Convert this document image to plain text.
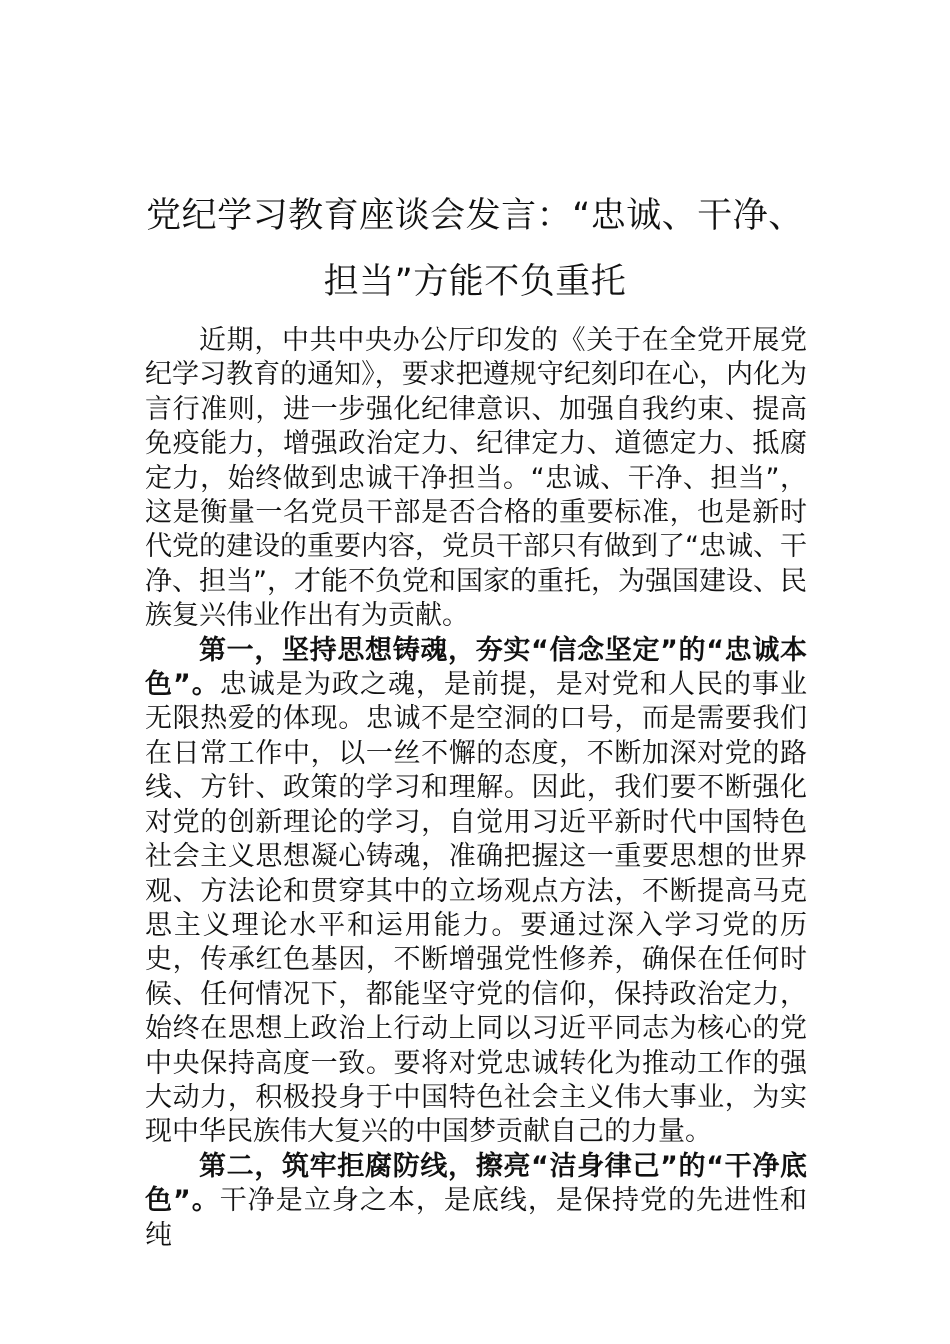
党纪学习教育座谈会发言：“忠诚、干净、
担当”方能不负重托

近期，中共中央办公厅印发的《关于在全党开展党纪学习教育的通知》，要求把遵规守纪刻印在心，内化为言行准则，进一步强化纪律意识、加强自我约束、提高免疫能力，增强政治定力、纪律定力、道德定力、抵腐定力，始终做到忠诚干净担当。“忠诚、干净、担当”，这是衡量一名党员干部是否合格的重要标准，也是新时代党的建设的重要内容，党员干部只有做到了“忠诚、干净、担当”，才能不负党和国家的重托，为强国建设、民族复兴伟业作出有为贡献。

第一，坚持思想铸魂，夯实“信念坚定”的“忠诚本色”。忠诚是为政之魂，是前提，是对党和人民的事业无限热爱的体现。忠诚不是空洞的口号，而是需要我们在日常工作中，以一丝不懈的态度，不断加深对党的路线、方针、政策的学习和理解。因此，我们要不断强化对党的创新理论的学习，自觉用习近平新时代中国特色社会主义思想凝心铸魂，准确把握这一重要思想的世界观、方法论和贯穿其中的立场观点方法，不断提高马克思主义理论水平和运用能力。要通过深入学习党的历史，传承红色基因，不断增强党性修养，确保在任何时候、任何情况下，都能坚守党的信仰，保持政治定力，始终在思想上政治上行动上同以习近平同志为核心的党中央保持高度一致。要将对党忠诚转化为推动工作的强大动力，积极投身于中国特色社会主义伟大事业，为实现中华民族伟大复兴的中国梦贡献自己的力量。

第二，筑牢拒腐防线，擦亮“洁身律己”的“干净底色”。干净是立身之本，是底线，是保持党的先进性和纯
